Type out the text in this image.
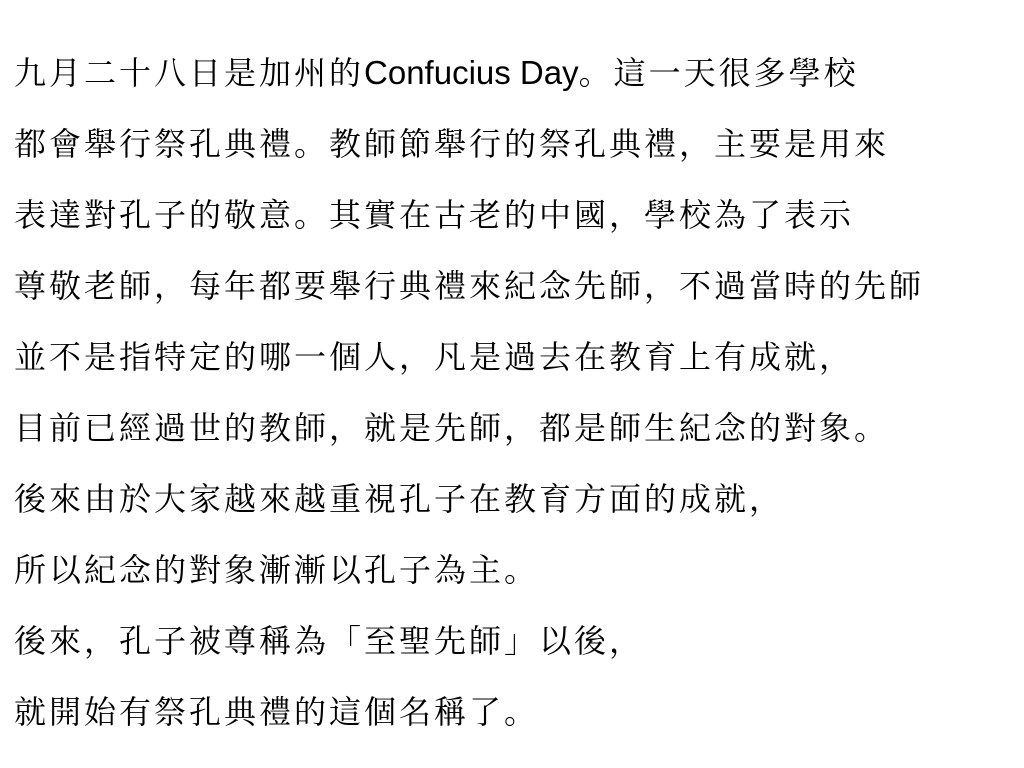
九月二十八日是加州的Confucius Day。這一天很多學校
都會舉行祭孔典禮。教師節舉行的祭孔典禮，主要是用來
表達對孔子的敬意。其實在古老的中國，學校為了表示
尊敬老師，每年都要舉行典禮來紀念先師，不過當時的先師
並不是指特定的哪一個人，凡是過去在教育上有成就，
目前已經過世的教師，就是先師，都是師生紀念的對象。
後來由於大家越來越重視孔子在教育方面的成就，
所以紀念的對象漸漸以孔子為主。
後來，孔子被尊稱為「至聖先師」以後，
就開始有祭孔典禮的這個名稱了。
